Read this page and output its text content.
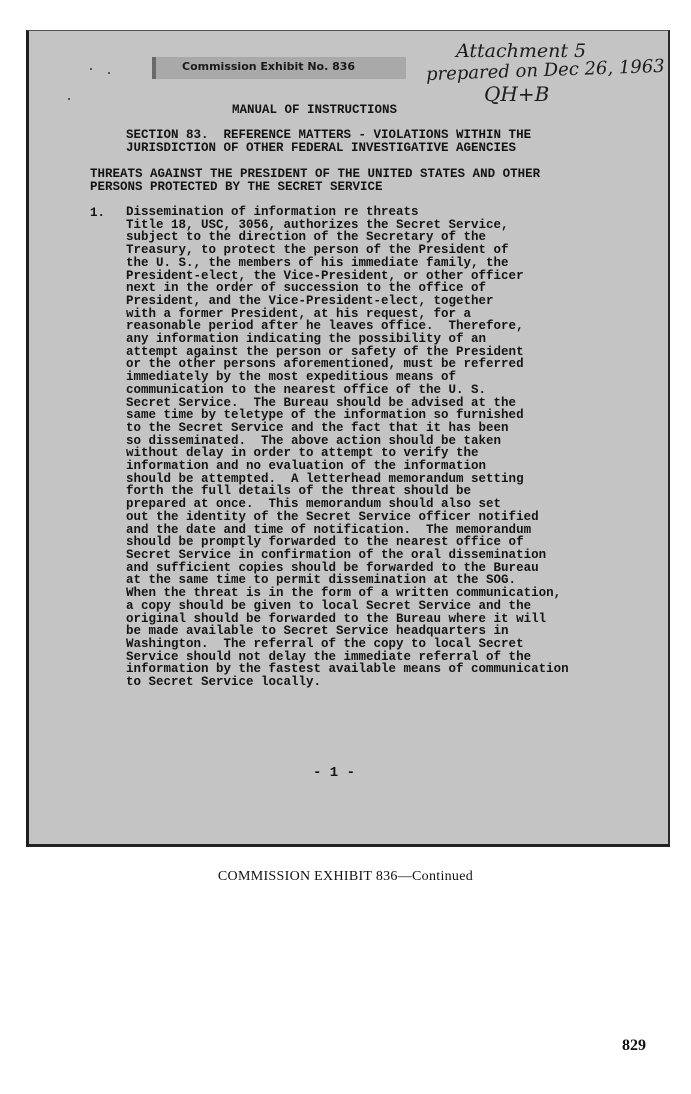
Commission Exhibit No. 836

Attachment 5

prepared on Dec 26, 1963

QH+B

MANUAL OF INSTRUCTIONS

SECTION 83.  REFERENCE MATTERS - VIOLATIONS WITHIN THE
JURISDICTION OF OTHER FEDERAL INVESTIGATIVE AGENCIES

THREATS AGAINST THE PRESIDENT OF THE UNITED STATES AND OTHER
PERSONS PROTECTED BY THE SECRET SERVICE

1. Dissemination of information re threats
Title 18, USC, 3056, authorizes the Secret Service,
subject to the direction of the Secretary of the
Treasury, to protect the person of the President of
the U. S., the members of his immediate family, the
President-elect, the Vice-President, or other officer
next in the order of succession to the office of
President, and the Vice-President-elect, together
with a former President, at his request, for a
reasonable period after he leaves office.  Therefore,
any information indicating the possibility of an
attempt against the person or safety of the President
or the other persons aforementioned, must be referred
immediately by the most expeditious means of
communication to the nearest office of the U. S.
Secret Service.  The Bureau should be advised at the
same time by teletype of the information so furnished
to the Secret Service and the fact that it has been
so disseminated.  The above action should be taken
without delay in order to attempt to verify the
information and no evaluation of the information
should be attempted.  A letterhead memorandum setting
forth the full details of the threat should be
prepared at once.  This memorandum should also set
out the identity of the Secret Service officer notified
and the date and time of notification.  The memorandum
should be promptly forwarded to the nearest office of
Secret Service in confirmation of the oral dissemination
and sufficient copies should be forwarded to the Bureau
at the same time to permit dissemination at the SOG.
When the threat is in the form of a written communication,
a copy should be given to local Secret Service and the
original should be forwarded to the Bureau where it will
be made available to Secret Service headquarters in
Washington.  The referral of the copy to local Secret
Service should not delay the immediate referral of the
information by the fastest available means of communication
to Secret Service locally.

- 1 -

COMMISSION EXHIBIT 836—Continued
829
